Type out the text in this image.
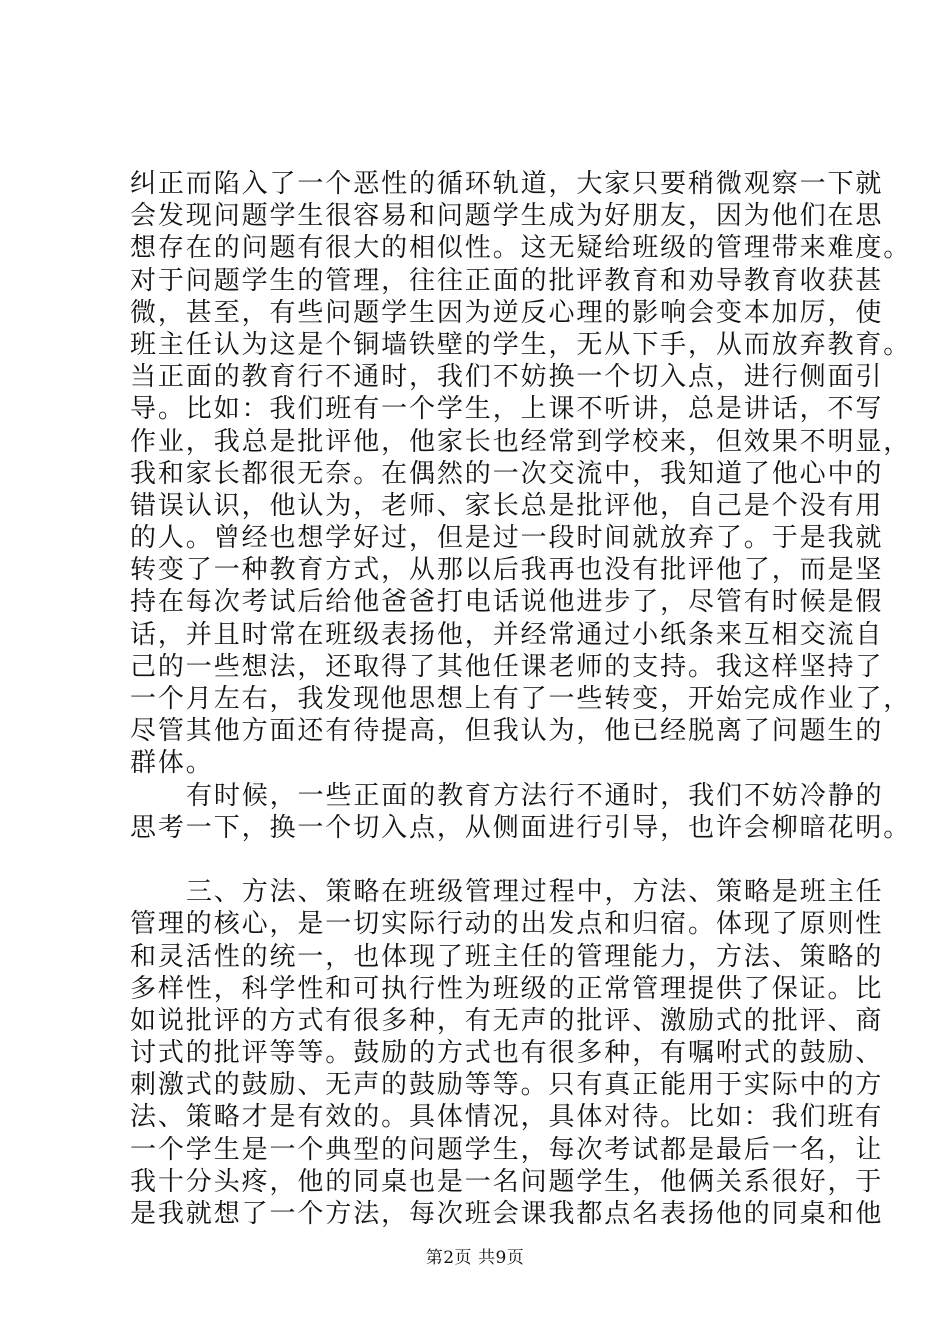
纠正而陷入了一个恶性的循环轨道，大家只要稍微观察一下就
会发现问题学生很容易和问题学生成为好朋友，因为他们在思
想存在的问题有很大的相似性。这无疑给班级的管理带来难度。
对于问题学生的管理，往往正面的批评教育和劝导教育收获甚
微，甚至，有些问题学生因为逆反心理的影响会变本加厉，使
班主任认为这是个铜墙铁壁的学生，无从下手，从而放弃教育。
当正面的教育行不通时，我们不妨换一个切入点，进行侧面引
导。比如：我们班有一个学生，上课不听讲，总是讲话，不写
作业，我总是批评他，他家长也经常到学校来，但效果不明显，
我和家长都很无奈。在偶然的一次交流中，我知道了他心中的
错误认识，他认为，老师、家长总是批评他，自己是个没有用
的人。曾经也想学好过，但是过一段时间就放弃了。于是我就
转变了一种教育方式，从那以后我再也没有批评他了，而是坚
持在每次考试后给他爸爸打电话说他进步了，尽管有时候是假
话，并且时常在班级表扬他，并经常通过小纸条来互相交流自
己的一些想法，还取得了其他任课老师的支持。我这样坚持了
一个月左右，我发现他思想上有了一些转变，开始完成作业了，
尽管其他方面还有待提高，但我认为，他已经脱离了问题生的
群体。
有时候，一些正面的教育方法行不通时，我们不妨冷静的
思考一下，换一个切入点，从侧面进行引导，也许会柳暗花明。
三、方法、策略在班级管理过程中，方法、策略是班主任
管理的核心，是一切实际行动的出发点和归宿。体现了原则性
和灵活性的统一，也体现了班主任的管理能力，方法、策略的
多样性，科学性和可执行性为班级的正常管理提供了保证。比
如说批评的方式有很多种，有无声的批评、激励式的批评、商
讨式的批评等等。鼓励的方式也有很多种，有嘱咐式的鼓励、
刺激式的鼓励、无声的鼓励等等。只有真正能用于实际中的方
法、策略才是有效的。具体情况，具体对待。比如：我们班有
一个学生是一个典型的问题学生，每次考试都是最后一名，让
我十分头疼，他的同桌也是一名问题学生，他俩关系很好，于
是我就想了一个方法，每次班会课我都点名表扬他的同桌和他
第2页 共9页
